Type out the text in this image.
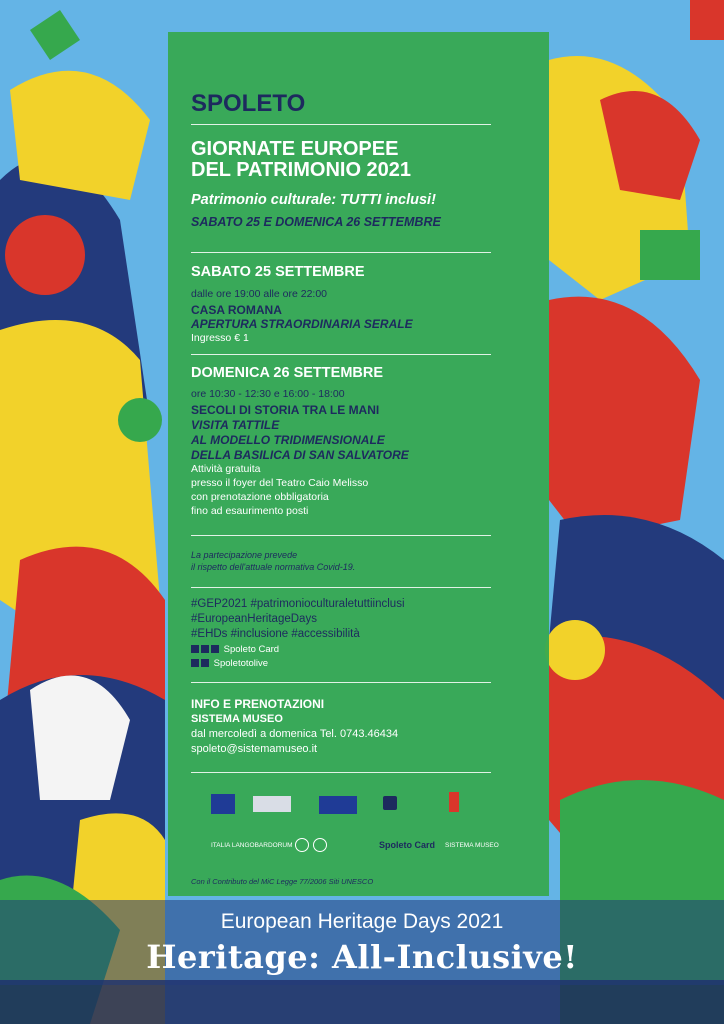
SPOLETO
GIORNATE EUROPEE
DEL PATRIMONIO 2021
Patrimonio culturale: TUTTI inclusi!
SABATO 25 E DOMENICA 26 SETTEMBRE
SABATO 25 SETTEMBRE
dalle ore 19:00 alle ore 22:00
CASA ROMANA
APERTURA STRAORDINARIA SERALE
Ingresso € 1
DOMENICA 26 SETTEMBRE
ore 10:30 - 12:30 e 16:00 - 18:00
SECOLI DI STORIA TRA LE MANI
VISITA TATTILE
AL MODELLO TRIDIMENSIONALE
DELLA BASILICA DI SAN SALVATORE
Attività gratuita
presso il foyer del Teatro Caio Melisso
con prenotazione obbligatoria
fino ad esaurimento posti
La partecipazione prevede
il rispetto dell'attuale normativa Covid-19.
#GEP2021 #patrimonioculturaletuttiinclusi
#EuropeanHeritageDays
#EHDs #inclusione #accessibilità
Spoleto Card
Spoletotolive
INFO E PRENOTAZIONI
SISTEMA MUSEO
dal mercoledì a domenica Tel. 0743.46434
spoleto@sistemamuseo.it
ITALIA LANGOBARDORUM	Spoleto Card SISTEMA MUSEO
Con il Contributo del MiC Legge 77/2006 Siti UNESCO
European Heritage Days 2021
Heritage: All-Inclusive!
